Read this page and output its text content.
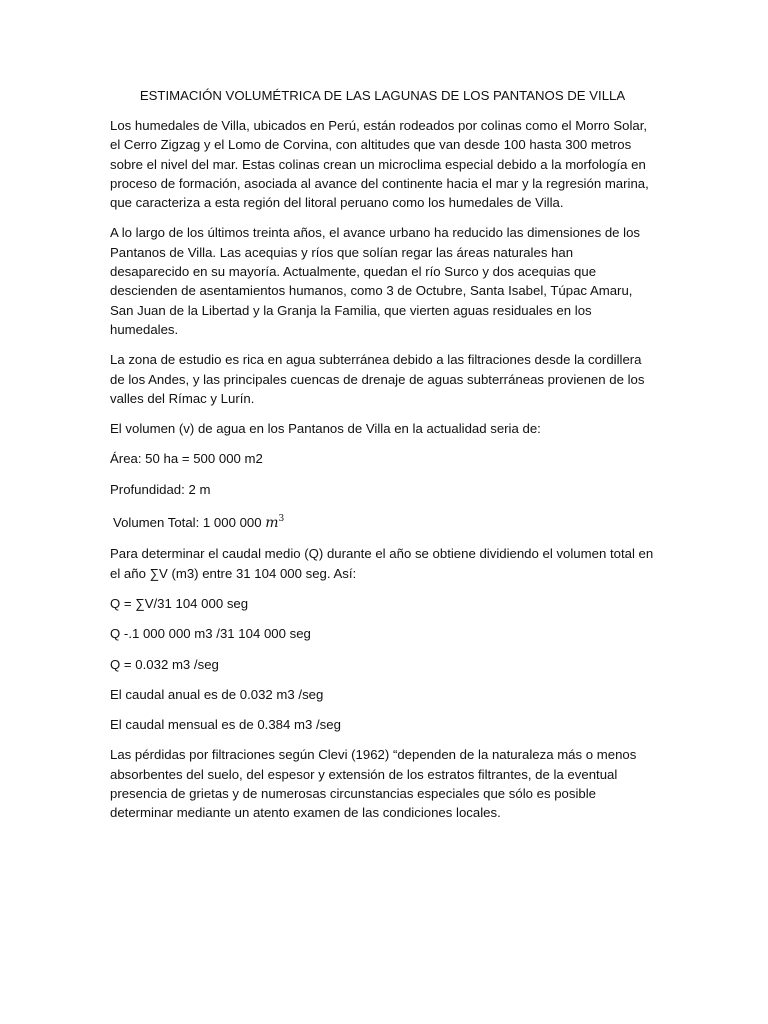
ESTIMACIÓN VOLUMÉTRICA DE LAS LAGUNAS DE LOS PANTANOS DE VILLA

Los humedales de Villa, ubicados en Perú, están rodeados por colinas como el Morro Solar, el Cerro Zigzag y el Lomo de Corvina, con altitudes que van desde 100 hasta 300 metros sobre el nivel del mar. Estas colinas crean un microclima especial debido a la morfología en proceso de formación, asociada al avance del continente hacia el mar y la regresión marina, que caracteriza a esta región del litoral peruano como los humedales de Villa.

A lo largo de los últimos treinta años, el avance urbano ha reducido las dimensiones de los Pantanos de Villa. Las acequias y ríos que solían regar las áreas naturales han desaparecido en su mayoría. Actualmente, quedan el río Surco y dos acequias que descienden de asentamientos humanos, como 3 de Octubre, Santa Isabel, Túpac Amaru, San Juan de la Libertad y la Granja la Familia, que vierten aguas residuales en los humedales.

La zona de estudio es rica en agua subterránea debido a las filtraciones desde la cordillera de los Andes, y las principales cuencas de drenaje de aguas subterráneas provienen de los valles del Rímac y Lurín.

El volumen (v) de agua en los Pantanos de Villa en la actualidad seria de:
Área: 50 ha = 500 000 m2
Profundidad: 2 m
Volumen Total: 1 000 000 $m^3$

Para determinar el caudal medio (Q) durante el año se obtiene dividiendo el volumen total en el año ∑V (m3) entre 31 104 000 seg. Así:

Q = ∑V/31 104 000 seg
Q -.1 000 000 m3 /31 104 000 seg
Q = 0.032 m3 /seg
El caudal anual es de 0.032 m3 /seg
El caudal mensual es de 0.384 m3 /seg

Las pérdidas por filtraciones según Clevi (1962) “dependen de la naturaleza más o menos absorbentes del suelo, del espesor y extensión de los estratos filtrantes, de la eventual presencia de grietas y de numerosas circunstancias especiales que sólo es posible determinar mediante un atento examen de las condiciones locales.
